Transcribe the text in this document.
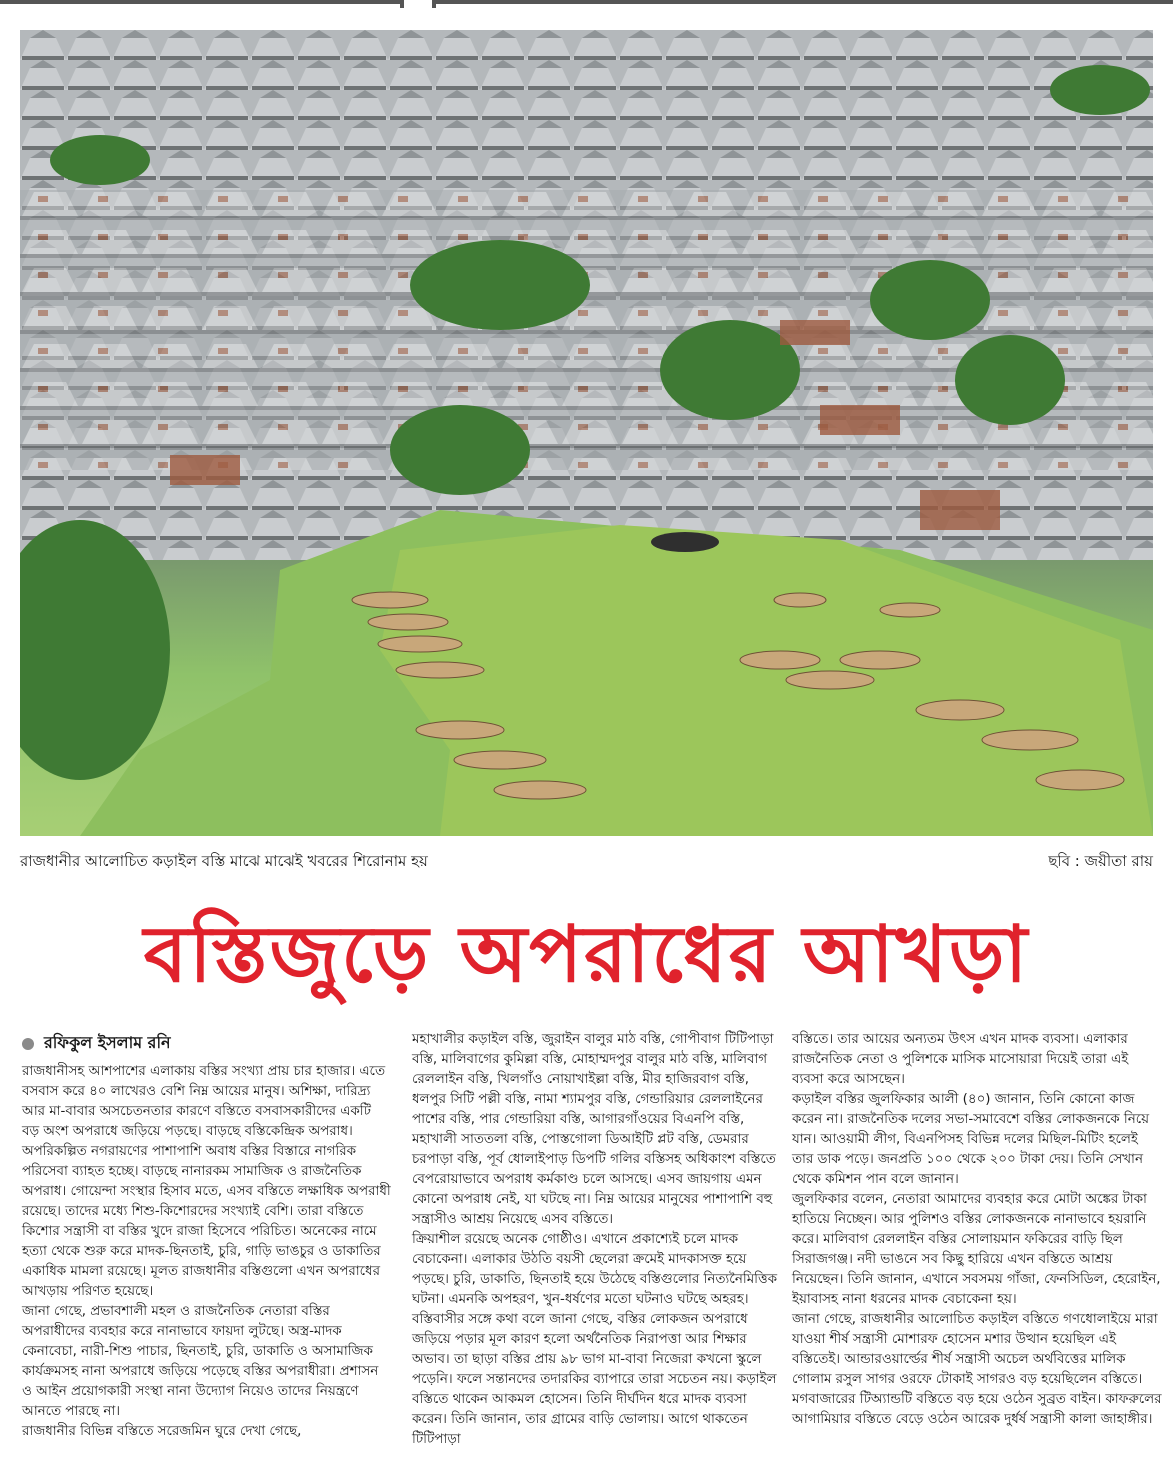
রাজধানীর আলোচিত কড়াইল বস্তি মাঝে মাঝেই খবরের শিরোনাম হয়	ছবি : জয়ীতা রায়
বস্তিজুড়ে অপরাধের আখড়া
রফিকুল ইসলাম রনি

রাজধানীসহ আশপাশের এলাকায় বস্তির সংখ্যা প্রায় চার হাজার। এতে বসবাস করে ৪০ লাখেরও বেশি নিম্ন আয়ের মানুষ। অশিক্ষা, দারিদ্র্য আর মা-বাবার অসচেতনতার কারণে বস্তিতে বসবাসকারীদের একটি বড় অংশ অপরাধে জড়িয়ে পড়ছে। বাড়ছে বস্তিকেন্দ্রিক অপরাধ। অপরিকল্পিত নগরায়ণের পাশাপাশি অবাধ বস্তির বিস্তারে নাগরিক পরিসেবা ব্যাহত হচ্ছে। বাড়ছে নানারকম সামাজিক ও রাজনৈতিক অপরাধ। গোয়েন্দা সংস্থার হিসাব মতে, এসব বস্তিতে লক্ষাধিক অপরাধী রয়েছে। তাদের মধ্যে শিশু-কিশোরদের সংখ্যাই বেশি। তারা বস্তিতে কিশোর সন্ত্রাসী বা বস্তির খুদে রাজা হিসেবে পরিচিত। অনেকের নামে হত্যা থেকে শুরু করে মাদক-ছিনতাই, চুরি, গাড়ি ভাঙচুর ও ডাকাতির একাধিক মামলা রয়েছে। মূলত রাজধানীর বস্তিগুলো এখন অপরাধের আখড়ায় পরিণত হয়েছে।

জানা গেছে, প্রভাবশালী মহল ও রাজনৈতিক নেতারা বস্তির অপরাধীদের ব্যবহার করে নানাভাবে ফায়দা লুটছে। অস্ত্র-মাদক কেনাবেচা, নারী-শিশু পাচার, ছিনতাই, চুরি, ডাকাতি ও অসামাজিক কার্যক্রমসহ নানা অপরাধে জড়িয়ে পড়েছে বস্তির অপরাধীরা। প্রশাসন ও আইন প্রয়োগকারী সংস্থা নানা উদ্যোগ নিয়েও তাদের নিয়ন্ত্রণে আনতে পারছে না।

রাজধানীর বিভিন্ন বস্তিতে সরেজমিন ঘুরে দেখা গেছে,

মহাখালীর কড়াইল বস্তি, জুরাইন বালুর মাঠ বস্তি, গোপীবাগ টিটিপাড়া বস্তি, মালিবাগের কুমিল্লা বস্তি, মোহাম্মদপুর বালুর মাঠ বস্তি, মালিবাগ রেললাইন বস্তি, খিলগাঁও নোয়াখাইল্লা বস্তি, মীর হাজিরবাগ বস্তি, ধলপুর সিটি পল্লী বস্তি, নামা শ্যামপুর বস্তি, গেন্ডারিয়ার রেললাইনের পাশের বস্তি, পার গেন্ডারিয়া বস্তি, আগারগাঁওয়ের বিএনপি বস্তি, মহাখালী সাততলা বস্তি, পোস্তগোলা ডিআইটি প্লট বস্তি, ডেমরার চরপাড়া বস্তি, পূর্ব ধোলাইপাড় ডিপটি গলির বস্তিসহ অধিকাংশ বস্তিতে বেপরোয়াভাবে অপরাধ কর্মকাণ্ড চলে আসছে। এসব জায়গায় এমন কোনো অপরাধ নেই, যা ঘটছে না। নিম্ন আয়ের মানুষের পাশাপাশি বহু সন্ত্রাসীও আশ্রয় নিয়েছে এসব বস্তিতে।

ক্রিয়াশীল রয়েছে অনেক গোষ্ঠীও। এখানে প্রকাশ্যেই চলে মাদক বেচাকেনা। এলাকার উঠতি বয়সী ছেলেরা ক্রমেই মাদকাসক্ত হয়ে পড়ছে। চুরি, ডাকাতি, ছিনতাই হয়ে উঠেছে বস্তিগুলোর নিত্যনৈমিত্তিক ঘটনা। এমনকি অপহরণ, খুন-ধর্ষণের মতো ঘটনাও ঘটছে অহরহ।

বস্তিবাসীর সঙ্গে কথা বলে জানা গেছে, বস্তির লোকজন অপরাধে জড়িয়ে পড়ার মূল কারণ হলো অর্থনৈতিক নিরাপত্তা আর শিক্ষার অভাব। তা ছাড়া বস্তির প্রায় ৯৮ ভাগ মা-বাবা নিজেরা কখনো স্কুলে পড়েনি। ফলে সন্তানদের তদারকির ব্যাপারে তারা সচেতন নয়। কড়াইল বস্তিতে থাকেন আকমল হোসেন। তিনি দীর্ঘদিন ধরে মাদক ব্যবসা করেন। তিনি জানান, তার গ্রামের বাড়ি ভোলায়। আগে থাকতেন টিটিপাড়া

বস্তিতে। তার আয়ের অন্যতম উৎস এখন মাদক ব্যবসা। এলাকার রাজনৈতিক নেতা ও পুলিশকে মাসিক মাসোয়ারা দিয়েই তারা এই ব্যবসা করে আসছেন।

কড়াইল বস্তির জুলফিকার আলী (৪০) জানান, তিনি কোনো কাজ করেন না। রাজনৈতিক দলের সভা-সমাবেশে বস্তির লোকজনকে নিয়ে যান। আওয়ামী লীগ, বিএনপিসহ বিভিন্ন দলের মিছিল-মিটিং হলেই তার ডাক পড়ে। জনপ্রতি ১০০ থেকে ২০০ টাকা দেয়। তিনি সেখান থেকে কমিশন পান বলে জানান।

জুলফিকার বলেন, নেতারা আমাদের ব্যবহার করে মোটা অঙ্কের টাকা হাতিয়ে নিচ্ছেন। আর পুলিশও বস্তির লোকজনকে নানাভাবে হয়রানি করে। মালিবাগ রেললাইন বস্তির সোলায়মান ফকিরের বাড়ি ছিল সিরাজগঞ্জ। নদী ভাঙনে সব কিছু হারিয়ে এখন বস্তিতে আশ্রয় নিয়েছেন। তিনি জানান, এখানে সবসময় গাঁজা, ফেনসিডিল, হেরোইন, ইয়াবাসহ নানা ধরনের মাদক বেচাকেনা হয়।

জানা গেছে, রাজধানীর আলোচিত কড়াইল বস্তিতে গণধোলাইয়ে মারা যাওয়া শীর্ষ সন্ত্রাসী মোশারফ হোসেন মশার উত্থান হয়েছিল এই বস্তিতেই। আন্ডারওয়ার্ল্ডের শীর্ষ সন্ত্রাসী অচেল অর্থবিত্তের মালিক গোলাম রসুল সাগর ওরফে টোকাই সাগরও বড় হয়েছিলেন বস্তিতে। মগবাজারের টিঅ্যান্ডটি বস্তিতে বড় হয়ে ওঠেন সুব্রত বাইন। কাফরুলের আগামিয়ার বস্তিতে বেড়ে ওঠেন আরেক দুর্ধর্ষ সন্ত্রাসী কালা জাহাঙ্গীর।
